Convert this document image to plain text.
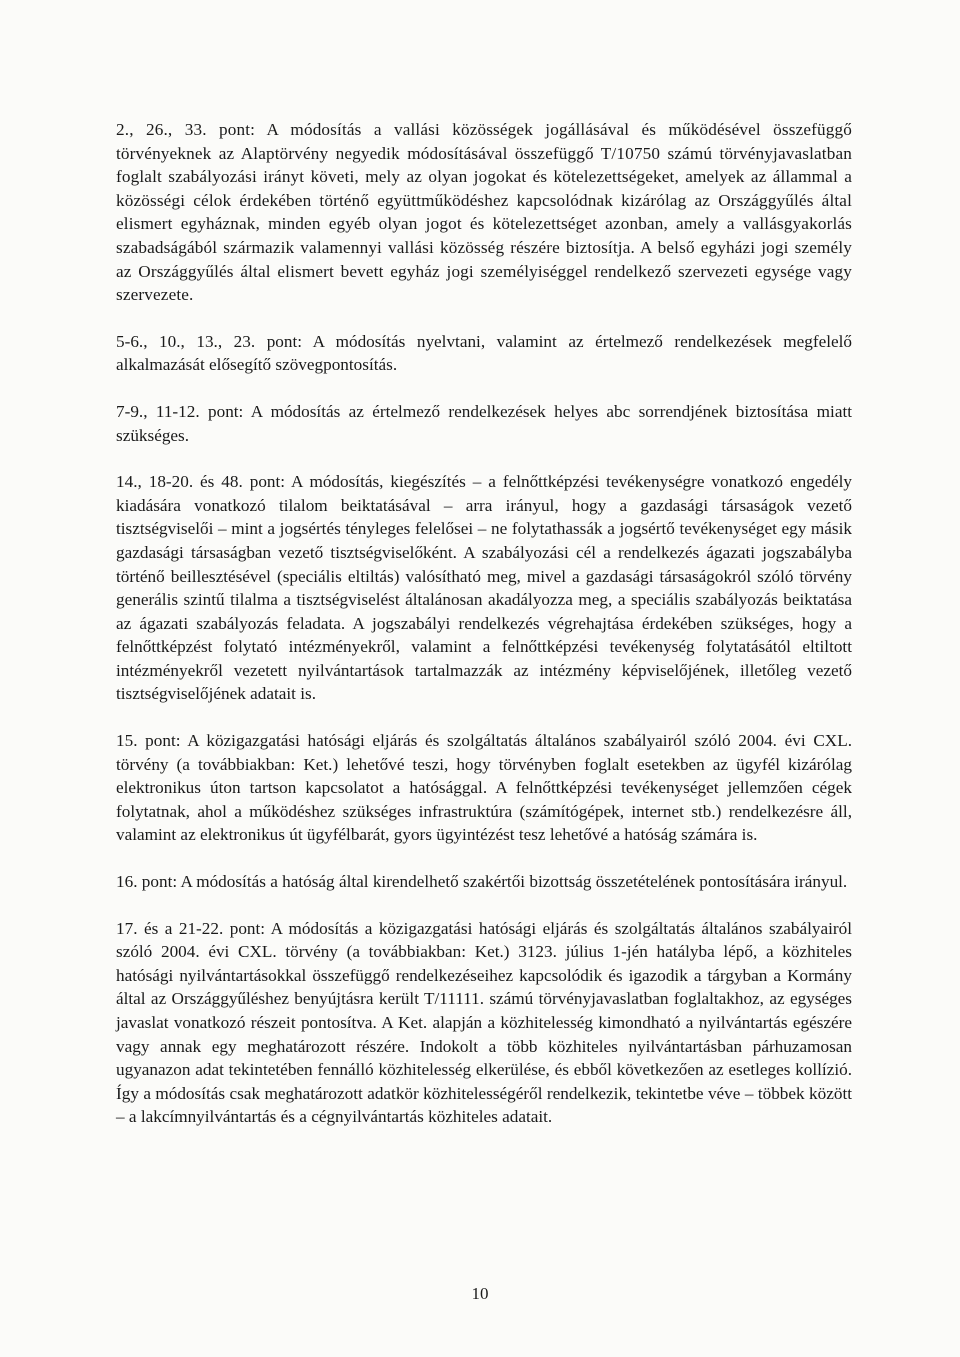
2., 26., 33. pont: A módosítás a vallási közösségek jogállásával és működésével összefüggő törvényeknek az Alaptörvény negyedik módosításával összefüggő T/10750 számú törvényjavaslatban foglalt szabályozási irányt követi, mely az olyan jogokat és kötelezettségeket, amelyek az állammal a közösségi célok érdekében történő együttműködéshez kapcsolódnak kizárólag az Országgyűlés által elismert egyháznak, minden egyéb olyan jogot és kötelezettséget azonban, amely a vallásgyakorlás szabadságából származik valamennyi vallási közösség részére biztosítja. A belső egyházi jogi személy az Országgyűlés által elismert bevett egyház jogi személyiséggel rendelkező szervezeti egysége vagy szervezete.

5-6., 10., 13., 23. pont: A módosítás nyelvtani, valamint az értelmező rendelkezések megfelelő alkalmazását elősegítő szövegpontosítás.

7-9., 11-12. pont: A módosítás az értelmező rendelkezések helyes abc sorrendjének biztosítása miatt szükséges.

14., 18-20. és 48. pont: A módosítás, kiegészítés – a felnőttképzési tevékenységre vonatkozó engedély kiadására vonatkozó tilalom beiktatásával – arra irányul, hogy a gazdasági társaságok vezető tisztségviselői – mint a jogsértés tényleges felelősei – ne folytathassák a jogsértő tevékenységet egy másik gazdasági társaságban vezető tisztségviselőként. A szabályozási cél a rendelkezés ágazati jogszabályba történő beillesztésével (speciális eltiltás) valósítható meg, mivel a gazdasági társaságokról szóló törvény generális szintű tilalma a tisztségviselést általánosan akadályozza meg, a speciális szabályozás beiktatása az ágazati szabályozás feladata. A jogszabályi rendelkezés végrehajtása érdekében szükséges, hogy a felnőttképzést folytató intézményekről, valamint a felnőttképzési tevékenység folytatásától eltiltott intézményekről vezetett nyilvántartások tartalmazzák az intézmény képviselőjének, illetőleg vezető tisztségviselőjének adatait is.

15. pont: A közigazgatási hatósági eljárás és szolgáltatás általános szabályairól szóló 2004. évi CXL. törvény (a továbbiakban: Ket.) lehetővé teszi, hogy törvényben foglalt esetekben az ügyfél kizárólag elektronikus úton tartson kapcsolatot a hatósággal. A felnőttképzési tevékenységet jellemzően cégek folytatnak, ahol a működéshez szükséges infrastruktúra (számítógépek, internet stb.) rendelkezésre áll, valamint az elektronikus út ügyfélbarát, gyors ügyintézést tesz lehetővé a hatóság számára is.

16. pont: A módosítás a hatóság által kirendelhető szakértői bizottság összetételének pontosítására irányul.

17. és a 21-22. pont: A módosítás a közigazgatási hatósági eljárás és szolgáltatás általános szabályairól szóló 2004. évi CXL. törvény (a továbbiakban: Ket.) 3123. július 1-jén hatályba lépő, a közhiteles hatósági nyilvántartásokkal összefüggő rendelkezéseihez kapcsolódik és igazodik a tárgyban a Kormány által az Országgyűléshez benyújtásra került T/11111. számú törvényjavaslatban foglaltakhoz, az egységes javaslat vonatkozó részeit pontosítva. A Ket. alapján a közhitelesség kimondható a nyilvántartás egészére vagy annak egy meghatározott részére. Indokolt a több közhiteles nyilvántartásban párhuzamosan ugyanazon adat tekintetében fennálló közhitelesség elkerülése, és ebből következően az esetleges kollízió. Így a módosítás csak meghatározott adatkör közhitelességéről rendelkezik, tekintetbe véve – többek között – a lakcímnyilvántartás és a cégnyilvántartás közhiteles adatait.

10
